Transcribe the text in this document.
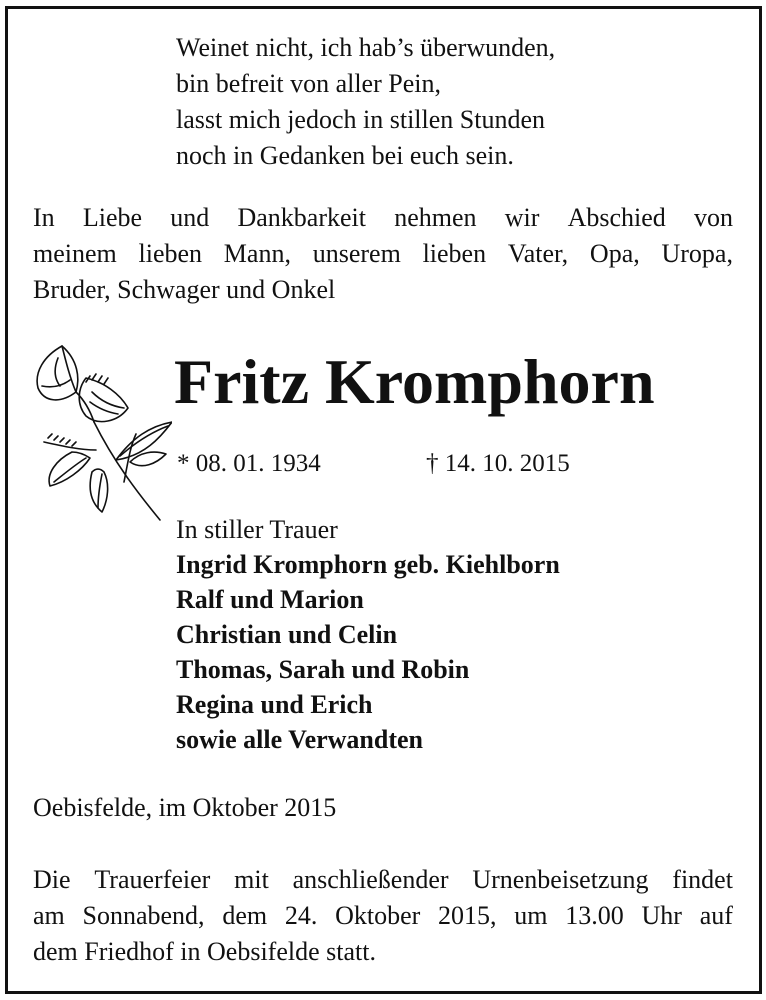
Weinet nicht, ich hab’s überwunden,
bin befreit von aller Pein,
lasst mich jedoch in stillen Stunden
noch in Gedanken bei euch sein.
In Liebe und Dankbarkeit nehmen wir Abschied von
meinem lieben Mann, unserem lieben Vater, Opa, Uropa,
Bruder, Schwager und Onkel
Fritz Kromphorn
* 08. 01. 1934	† 14. 10. 2015
In stiller Trauer
Ingrid Kromphorn geb. Kiehlborn
Ralf und Marion
Christian und Celin
Thomas, Sarah und Robin
Regina und Erich
sowie alle Verwandten
Oebisfelde, im Oktober 2015
Die Trauerfeier mit anschließender Urnenbeisetzung findet
am Sonnabend, dem 24. Oktober 2015, um 13.00 Uhr auf
dem Friedhof in Oebsifelde statt.
